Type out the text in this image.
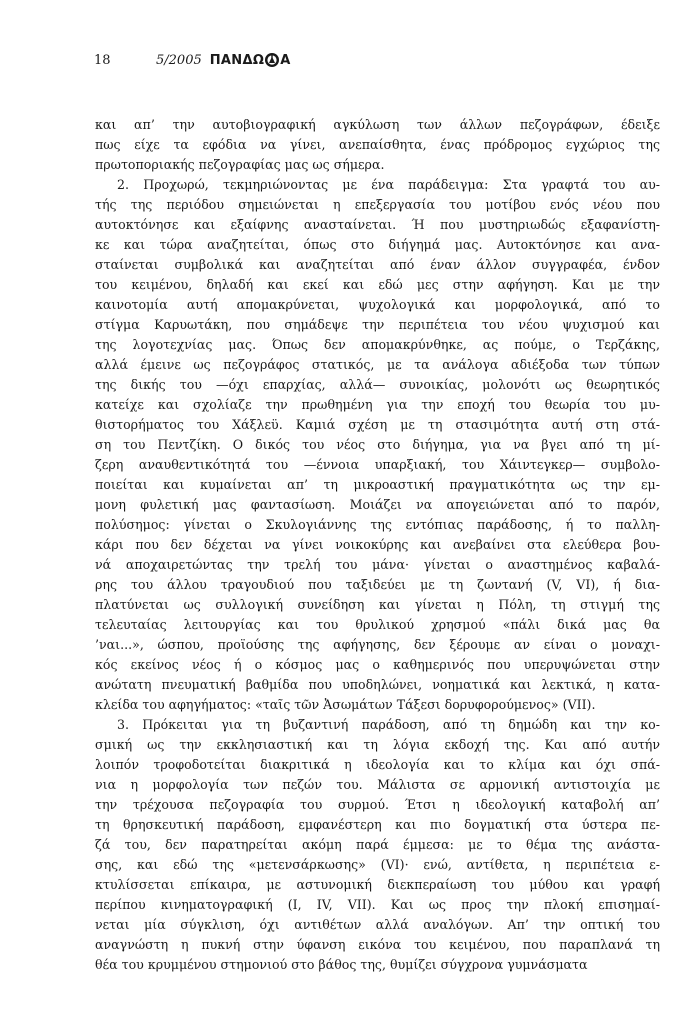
18	5/2005 ΠΑΝΔΩ Α
και απ’ την αυτοβιογραφική αγκύλωση των άλλων πεζογράφων, έδειξε
πως είχε τα εφόδια να γίνει, ανεπαίσθητα, ένας πρόδρομος εγχώριος της
πρωτοποριακής πεζογραφίας μας ως σήμερα.
2. Προχωρώ, τεκμηριώνοντας με ένα παράδειγμα: Στα γραφτά του αυ-
τής της περιόδου σημειώνεται η επεξεργασία του μοτίβου ενός νέου που
αυτοκτόνησε και εξαίφνης ανασταίνεται. Ή που μυστηριωδώς εξαφανίστη-
κε και τώρα αναζητείται, όπως στο διήγημά μας. Αυτοκτόνησε και ανα-
σταίνεται συμβολικά και αναζητείται από έναν άλλον συγγραφέα, ένδον
του κειμένου, δηλαδή και εκεί και εδώ μες στην αφήγηση. Και με την
καινοτομία αυτή απομακρύνεται, ψυχολογικά και μορφολογικά, από το
στίγμα Καρυωτάκη, που σημάδεψε την περιπέτεια του νέου ψυχισμού και
της λογοτεχνίας μας. Όπως δεν απομακρύνθηκε, ας πούμε, ο Τερζάκης,
αλλά έμεινε ως πεζογράφος στατικός, με τα ανάλογα αδιέξοδα των τύπων
της δικής του —όχι επαρχίας, αλλά— συνοικίας, μολονότι ως θεωρητικός
κατείχε και σχολίαζε την πρωθημένη για την εποχή του θεωρία του μυ-
θιστορήματος του Χάξλεϋ. Καμιά σχέση με τη στασιμότητα αυτή στη στά-
ση του Πεντζίκη. Ο δικός του νέος στο διήγημα, για να βγει από τη μί-
ζερη αναυθεντικότητά του —έννοια υπαρξιακή, του Χάιντεγκερ— συμβολο-
ποιείται και κυμαίνεται απ’ τη μικροαστική πραγματικότητα ως την εμ-
μονη φυλετική μας φαντασίωση. Μοιάζει να απογειώνεται από το παρόν,
πολύσημος: γίνεται ο Σκυλογιάννης της εντόπιας παράδοσης, ή το παλλη-
κάρι που δεν δέχεται να γίνει νοικοκύρης και ανεβαίνει στα ελεύθερα βου-
νά αποχαιρετώντας την τρελή του μάνα· γίνεται ο αναστημένος καβαλά-
ρης του άλλου τραγουδιού που ταξιδεύει με τη ζωντανή (V, VI), ή δια-
πλατύνεται ως συλλογική συνείδηση και γίνεται η Πόλη, τη στιγμή της
τελευταίας λειτουργίας και του θρυλικού χρησμού «πάλι δικά μας θα
’ναι...», ώσπου, προϊούσης της αφήγησης, δεν ξέρουμε αν είναι ο μοναχι-
κός εκείνος νέος ή ο κόσμος μας ο καθημερινός που υπερυψώνεται στην
ανώτατη πνευματική βαθμίδα που υποδηλώνει, νοηματικά και λεκτικά, η κατα-
κλείδα του αφηγήματος: «ταῖς τῶν Ἀσωμάτων Τάξεσι δορυφορούμενος» (VII).
3. Πρόκειται για τη βυζαντινή παράδοση, από τη δημώδη και την κο-
σμική ως την εκκλησιαστική και τη λόγια εκδοχή της. Και από αυτήν
λοιπόν τροφοδοτείται διακριτικά η ιδεολογία και το κλίμα και όχι σπά-
νια η μορφολογία των πεζών του. Μάλιστα σε αρμονική αντιστοιχία με
την τρέχουσα πεζογραφία του συρμού. Έτσι η ιδεολογική καταβολή απ’
τη θρησκευτική παράδοση, εμφανέστερη και πιο δογματική στα ύστερα πε-
ζά του, δεν παρατηρείται ακόμη παρά έμμεσα: με το θέμα της ανάστα-
σης, και εδώ της «μετενσάρκωσης» (VI)· ενώ, αντίθετα, η περιπέτεια ε-
κτυλίσσεται επίκαιρα, με αστυνομική διεκπεραίωση του μύθου και γραφή
περίπου κινηματογραφική (I, IV, VII). Και ως προς την πλοκή επισημαί-
νεται μία σύγκλιση, όχι αντιθέτων αλλά αναλόγων. Απ’ την οπτική του
αναγνώστη η πυκνή στην ύφανση εικόνα του κειμένου, που παραπλανά τη
θέα του κρυμμένου στημονιού στο βάθος της, θυμίζει σύγχρονα γυμνάσματα
